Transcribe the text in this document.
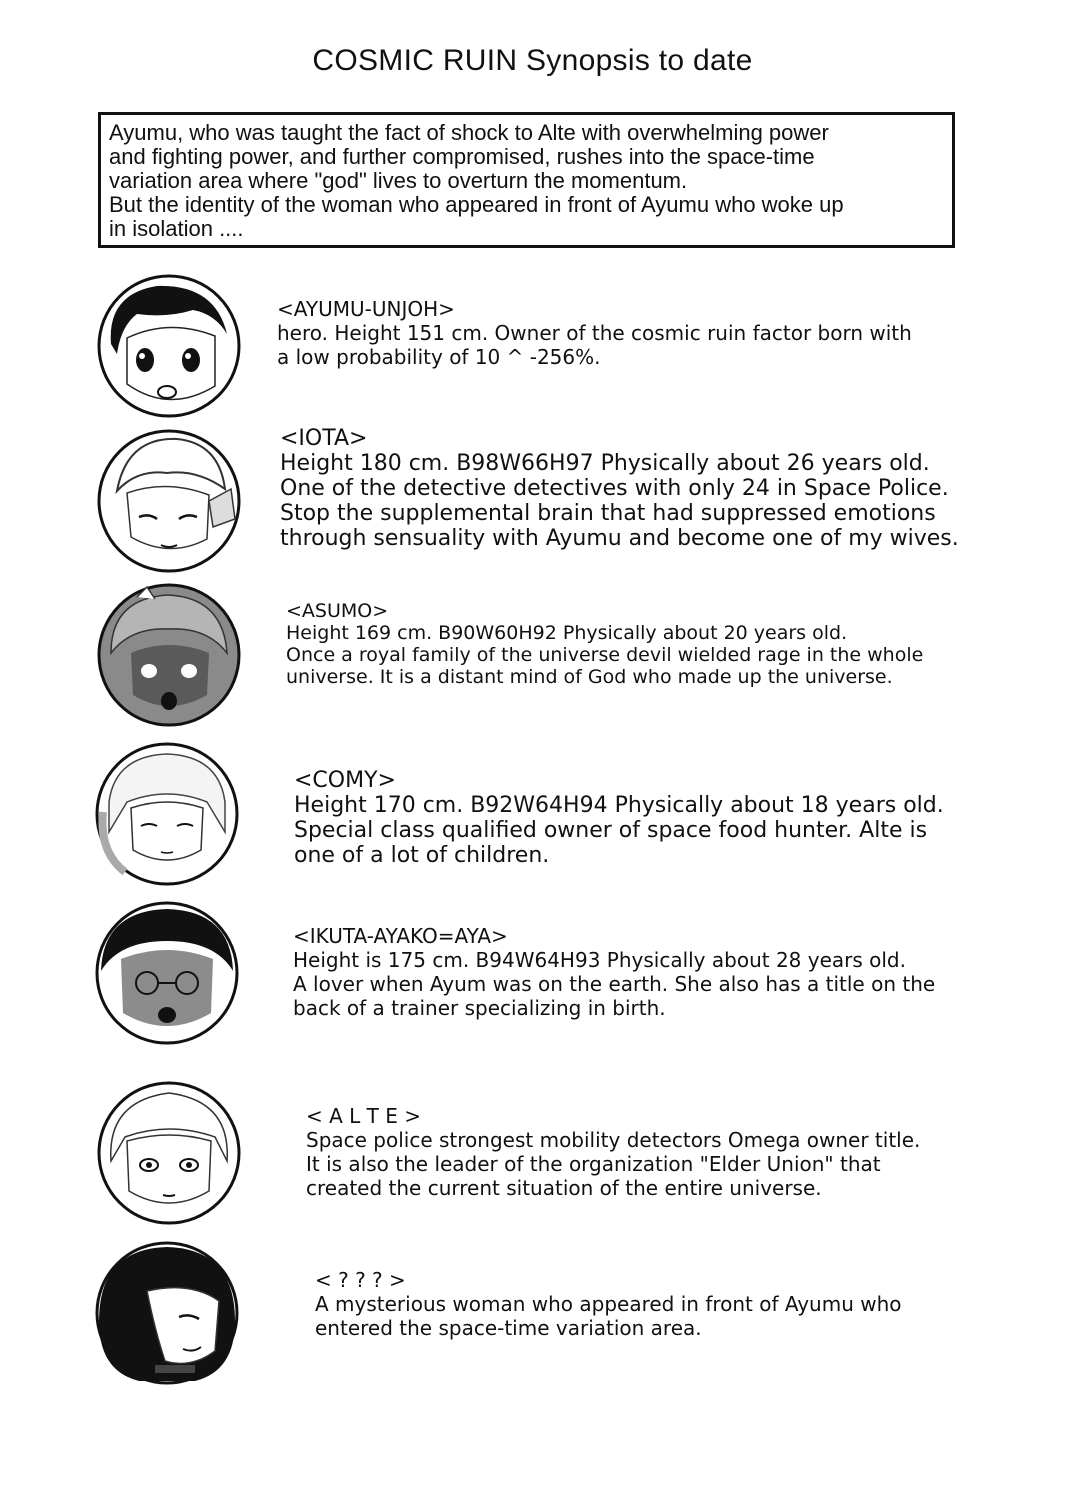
COSMIC RUIN Synopsis to date

Ayumu, who was taught the fact of shock to Alte with overwhelming power

and fighting power, and further compromised, rushes into the space-time

variation area where "god" lives to overturn the momentum.

But the identity of the woman who appeared in front of Ayumu who woke up

in isolation ....

<AYUMU-UNJOH>
hero. Height 151 cm. Owner of the cosmic ruin factor born with
a low probability of 10 ^ -256%.
<IOTA>
Height 180 cm. B98W66H97 Physically about 26 years old.
One of the detective detectives with only 24 in Space Police.
Stop the supplemental brain that had suppressed emotions
through sensuality with Ayumu and become one of my wives.
<ASUMO>
Height 169 cm. B90W60H92 Physically about 20 years old.
Once a royal family of the universe devil wielded rage in the whole
universe. It is a distant mind of God who made up the universe.
<COMY>
Height 170 cm. B92W64H94 Physically about 18 years old.
Special class qualified owner of space food hunter. Alte is
one of a lot of children.
<IKUTA-AYAKO=AYA>
Height is 175 cm. B94W64H93 Physically about 28 years old.
A lover when Ayum was on the earth. She also has a title on the
back of a trainer specializing in birth.
< A L T E >
Space police strongest mobility detectors Omega owner title.
It is also the leader of the organization "Elder Union" that
created the current situation of the entire universe.
< ? ? ? >
A mysterious woman who appeared in front of Ayumu who
entered the space-time variation area.
